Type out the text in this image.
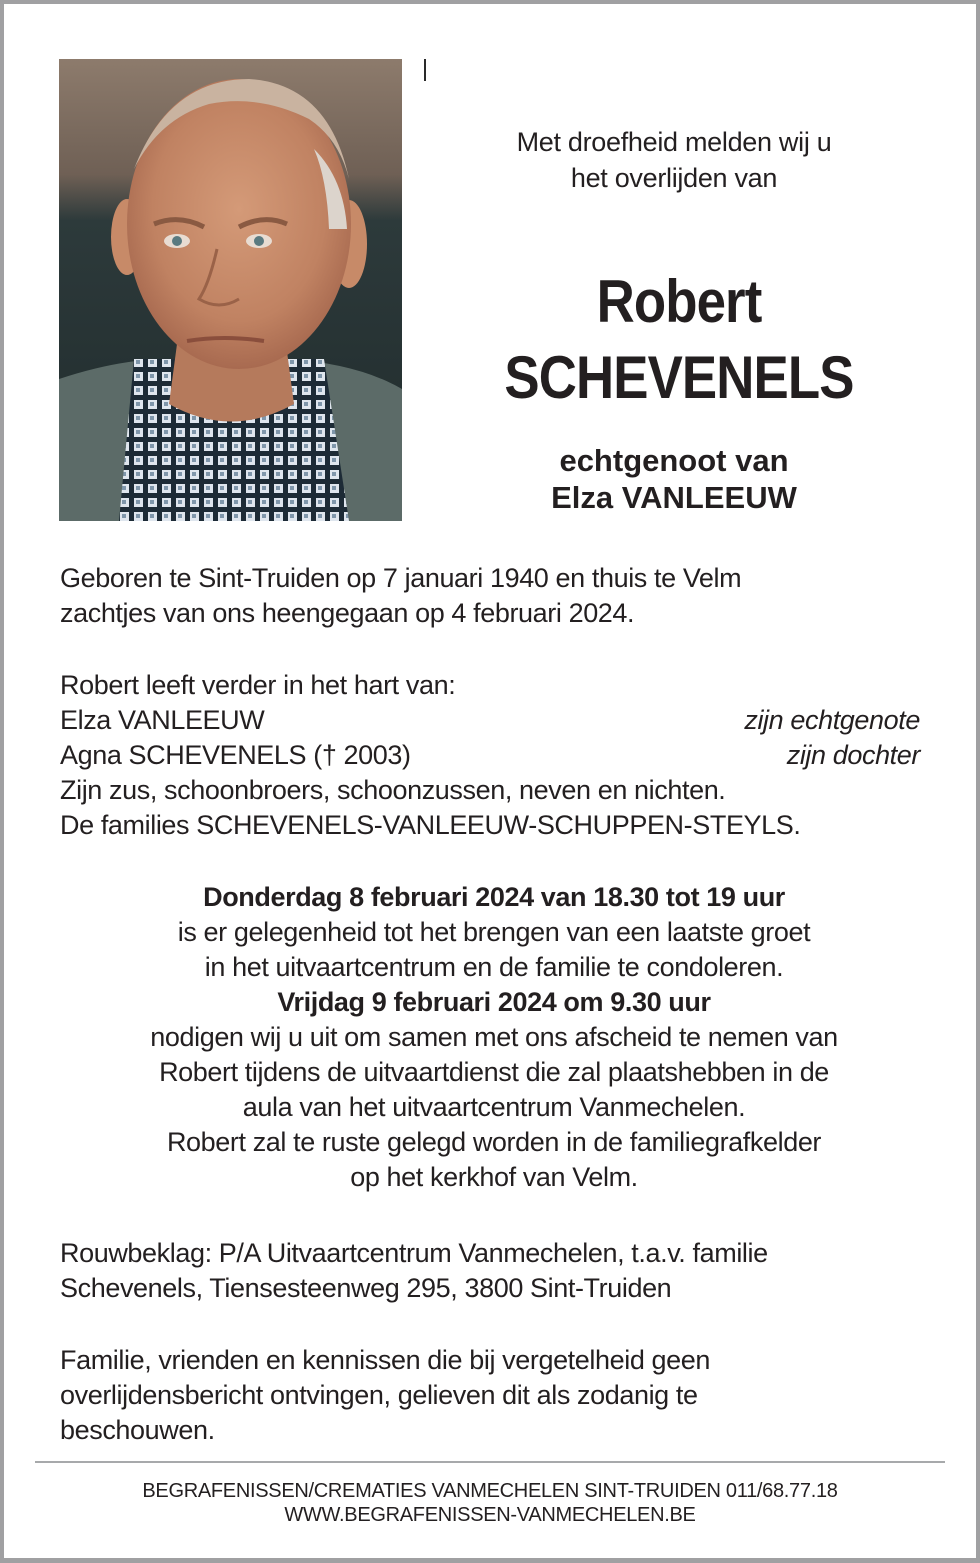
Met droefheid melden wij u
het overlijden van
Robert
SCHEVENELS
echtgenoot van
Elza VANLEEUW
Geboren te Sint-Truiden op 7 januari 1940 en thuis te Velm
zachtjes van ons heengegaan op 4 februari 2024.
Robert leeft verder in het hart van:
Elza VANLEEUW	zijn echtgenote
Agna SCHEVENELS († 2003)	zijn dochter
Zijn zus, schoonbroers, schoonzussen, neven en nichten.
De families SCHEVENELS-VANLEEUW-SCHUPPEN-STEYLS.
Donderdag 8 februari 2024 van 18.30 tot 19 uur
is er gelegenheid tot het brengen van een laatste groet
in het uitvaartcentrum en de familie te condoleren.
Vrijdag 9 februari 2024 om 9.30 uur
nodigen wij u uit om samen met ons afscheid te nemen van
Robert tijdens de uitvaartdienst die zal plaatshebben in de
aula van het uitvaartcentrum Vanmechelen.
Robert zal te ruste gelegd worden in de familiegrafkelder
op het kerkhof van Velm.
Rouwbeklag: P/A Uitvaartcentrum Vanmechelen, t.a.v. familie
Schevenels, Tiensesteenweg 295, 3800 Sint-Truiden
Familie, vrienden en kennissen die bij vergetelheid geen
overlijdensbericht ontvingen, gelieven dit als zodanig te
beschouwen.
BEGRAFENISSEN/CREMATIES VANMECHELEN SINT-TRUIDEN 011/68.77.18
WWW.BEGRAFENISSEN-VANMECHELEN.BE
